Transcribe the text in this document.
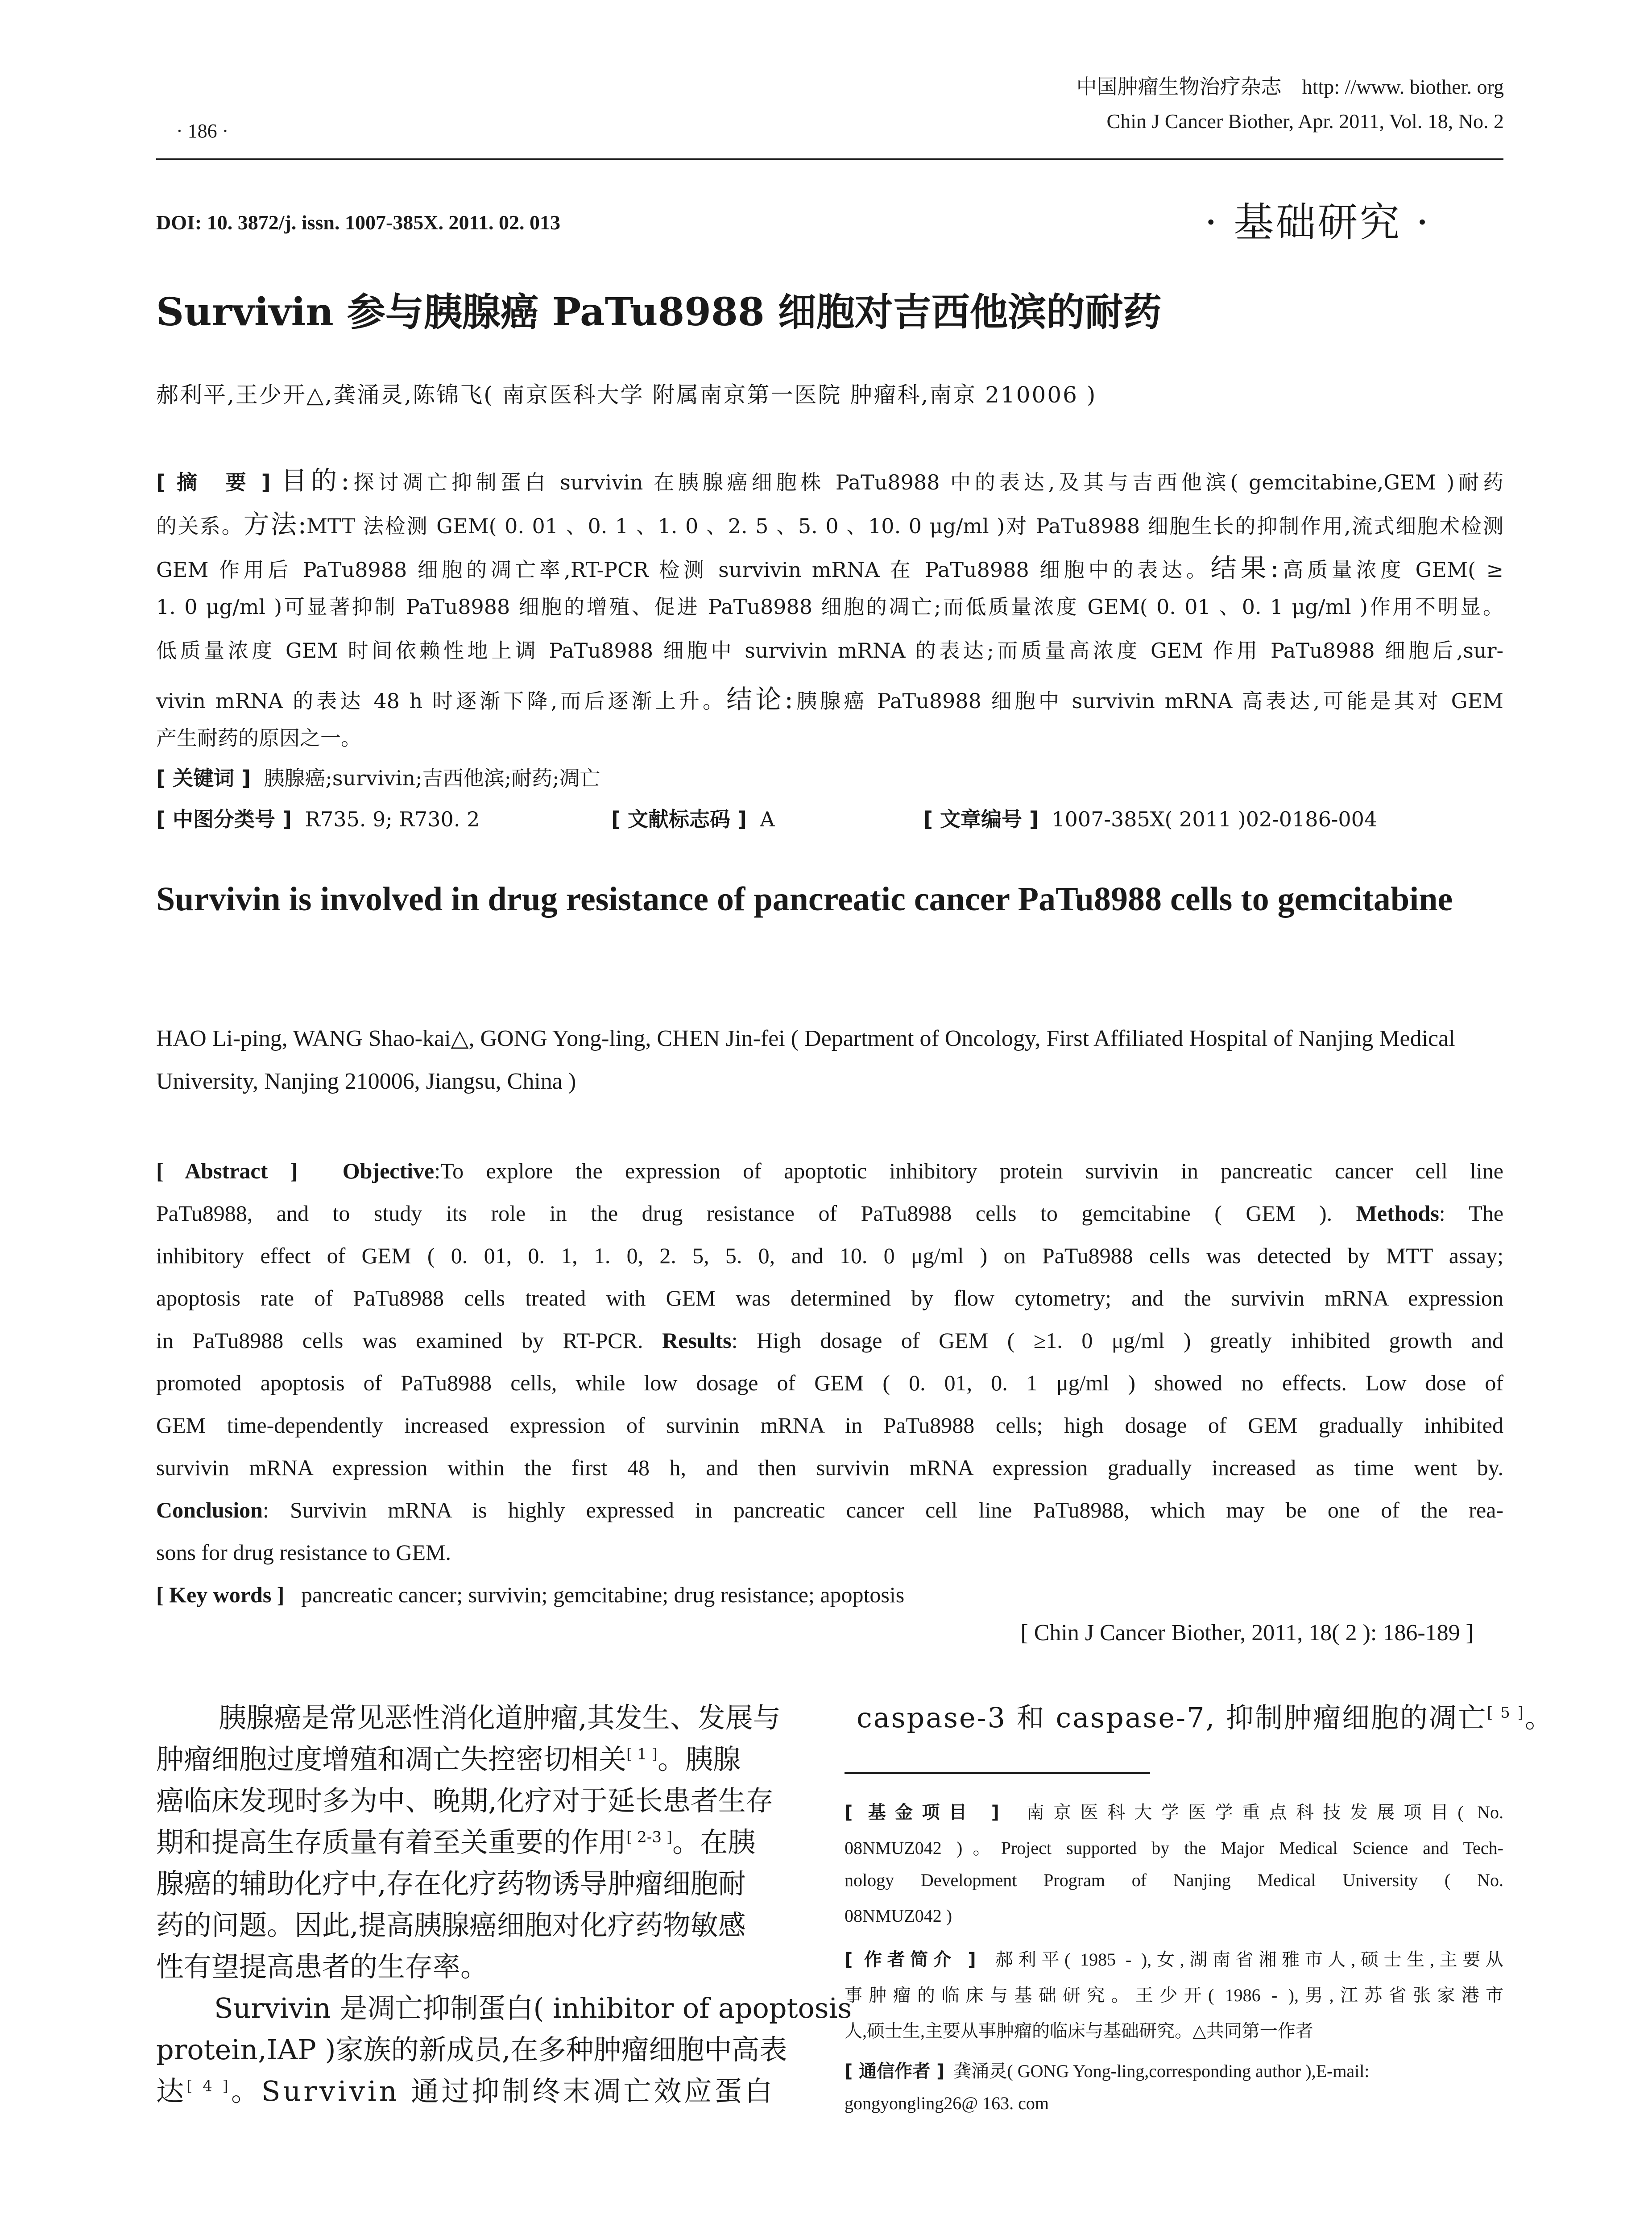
· 186 ·
中国肿瘤生物治疗杂志　http: //www. biother. org
Chin J Cancer Biother, Apr. 2011, Vol. 18, No. 2
DOI: 10. 3872/j. issn. 1007-385X. 2011. 02. 013	· 基础研究 ·
Survivin 参与胰腺癌 PaTu8988 细胞对吉西他滨的耐药
郝利平,王少开△,龚涌灵,陈锦飞( 南京医科大学 附属南京第一医院 肿瘤科,南京 210006 )
[ 摘　要 ] 目的:探讨凋亡抑制蛋白 survivin 在胰腺癌细胞株 PaTu8988 中的表达,及其与吉西他滨( gemcitabine,GEM )耐药
的关系。方法:MTT 法检测 GEM( 0. 01 、0. 1 、1. 0 、2. 5 、5. 0 、10. 0 μg/ml )对 PaTu8988 细胞生长的抑制作用,流式细胞术检测
GEM 作用后 PaTu8988 细胞的凋亡率,RT-PCR 检测 survivin mRNA 在 PaTu8988 细胞中的表达。结果:高质量浓度 GEM( ≥
1. 0 μg/ml )可显著抑制 PaTu8988 细胞的增殖、促进 PaTu8988 细胞的凋亡;而低质量浓度 GEM( 0. 01 、0. 1 μg/ml )作用不明显。
低质量浓度 GEM 时间依赖性地上调 PaTu8988 细胞中 survivin mRNA 的表达;而质量高浓度 GEM 作用 PaTu8988 细胞后,sur-
vivin mRNA 的表达 48 h 时逐渐下降,而后逐渐上升。结论:胰腺癌 PaTu8988 细胞中 survivin mRNA 高表达,可能是其对 GEM
产生耐药的原因之一。
[ 关键词 ] 胰腺癌;survivin;吉西他滨;耐药;凋亡
[ 中图分类号 ] R735. 9; R730. 2	[ 文献标志码 ] A	[ 文章编号 ] 1007-385X( 2011 )02-0186-004
Survivin is involved in drug resistance of pancreatic cancer PaTu8988 cells to gemcitabine
HAO Li-ping, WANG Shao-kai△, GONG Yong-ling, CHEN Jin-fei ( Department of Oncology, First Affiliated Hospital of Nanjing Medical University, Nanjing 210006, Jiangsu, China )
[ Abstract ] Objective:To explore the expression of apoptotic inhibitory protein survivin in pancreatic cancer cell line
PaTu8988, and to study its role in the drug resistance of PaTu8988 cells to gemcitabine ( GEM ). Methods: The
inhibitory effect of GEM ( 0. 01, 0. 1, 1. 0, 2. 5, 5. 0, and 10. 0 μg/ml ) on PaTu8988 cells was detected by MTT assay;
apoptosis rate of PaTu8988 cells treated with GEM was determined by flow cytometry; and the survivin mRNA expression
in PaTu8988 cells was examined by RT-PCR. Results: High dosage of GEM ( ≥1. 0 μg/ml ) greatly inhibited growth and
promoted apoptosis of PaTu8988 cells, while low dosage of GEM ( 0. 01, 0. 1 μg/ml ) showed no effects. Low dose of
GEM time-dependently increased expression of survinin mRNA in PaTu8988 cells; high dosage of GEM gradually inhibited
survivin mRNA expression within the first 48 h, and then survivin mRNA expression gradually increased as time went by.
Conclusion: Survivin mRNA is highly expressed in pancreatic cancer cell line PaTu8988, which may be one of the rea-
sons for drug resistance to GEM.
[ Key words ] pancreatic cancer; survivin; gemcitabine; drug resistance; apoptosis
[ Chin J Cancer Biother, 2011, 18( 2 ): 186-189 ]
胰腺癌是常见恶性消化道肿瘤,其发生、发展与
肿瘤细胞过度增殖和凋亡失控密切相关[ 1 ]。胰腺
癌临床发现时多为中、晚期,化疗对于延长患者生存
期和提高生存质量有着至关重要的作用[ 2-3 ]。在胰
腺癌的辅助化疗中,存在化疗药物诱导肿瘤细胞耐
药的问题。因此,提高胰腺癌细胞对化疗药物敏感
性有望提高患者的生存率。
Survivin 是凋亡抑制蛋白( inhibitor of apoptosis
protein,IAP )家族的新成员,在多种肿瘤细胞中高表
达[ 4 ]。Survivin 通过抑制终末凋亡效应蛋白
caspase-3 和 caspase-7, 抑制肿瘤细胞的凋亡[ 5 ]。
[ 基金项目 ] 南京医科大学医学重点科技发展项目( No.
08NMUZ042 )。Project supported by the Major Medical Science and Tech-
nology Development Program of Nanjing Medical University ( No.
08NMUZ042 )
[ 作者简介 ] 郝利平( 1985 - ),女,湖南省湘雅市人,硕士生,主要从
事肿瘤的临床与基础研究。王少开( 1986 - ),男,江苏省张家港市
人,硕士生,主要从事肿瘤的临床与基础研究。△共同第一作者
[ 通信作者 ] 龚涌灵( GONG Yong-ling,corresponding author ),E-mail:
gongyongling26@ 163. com
